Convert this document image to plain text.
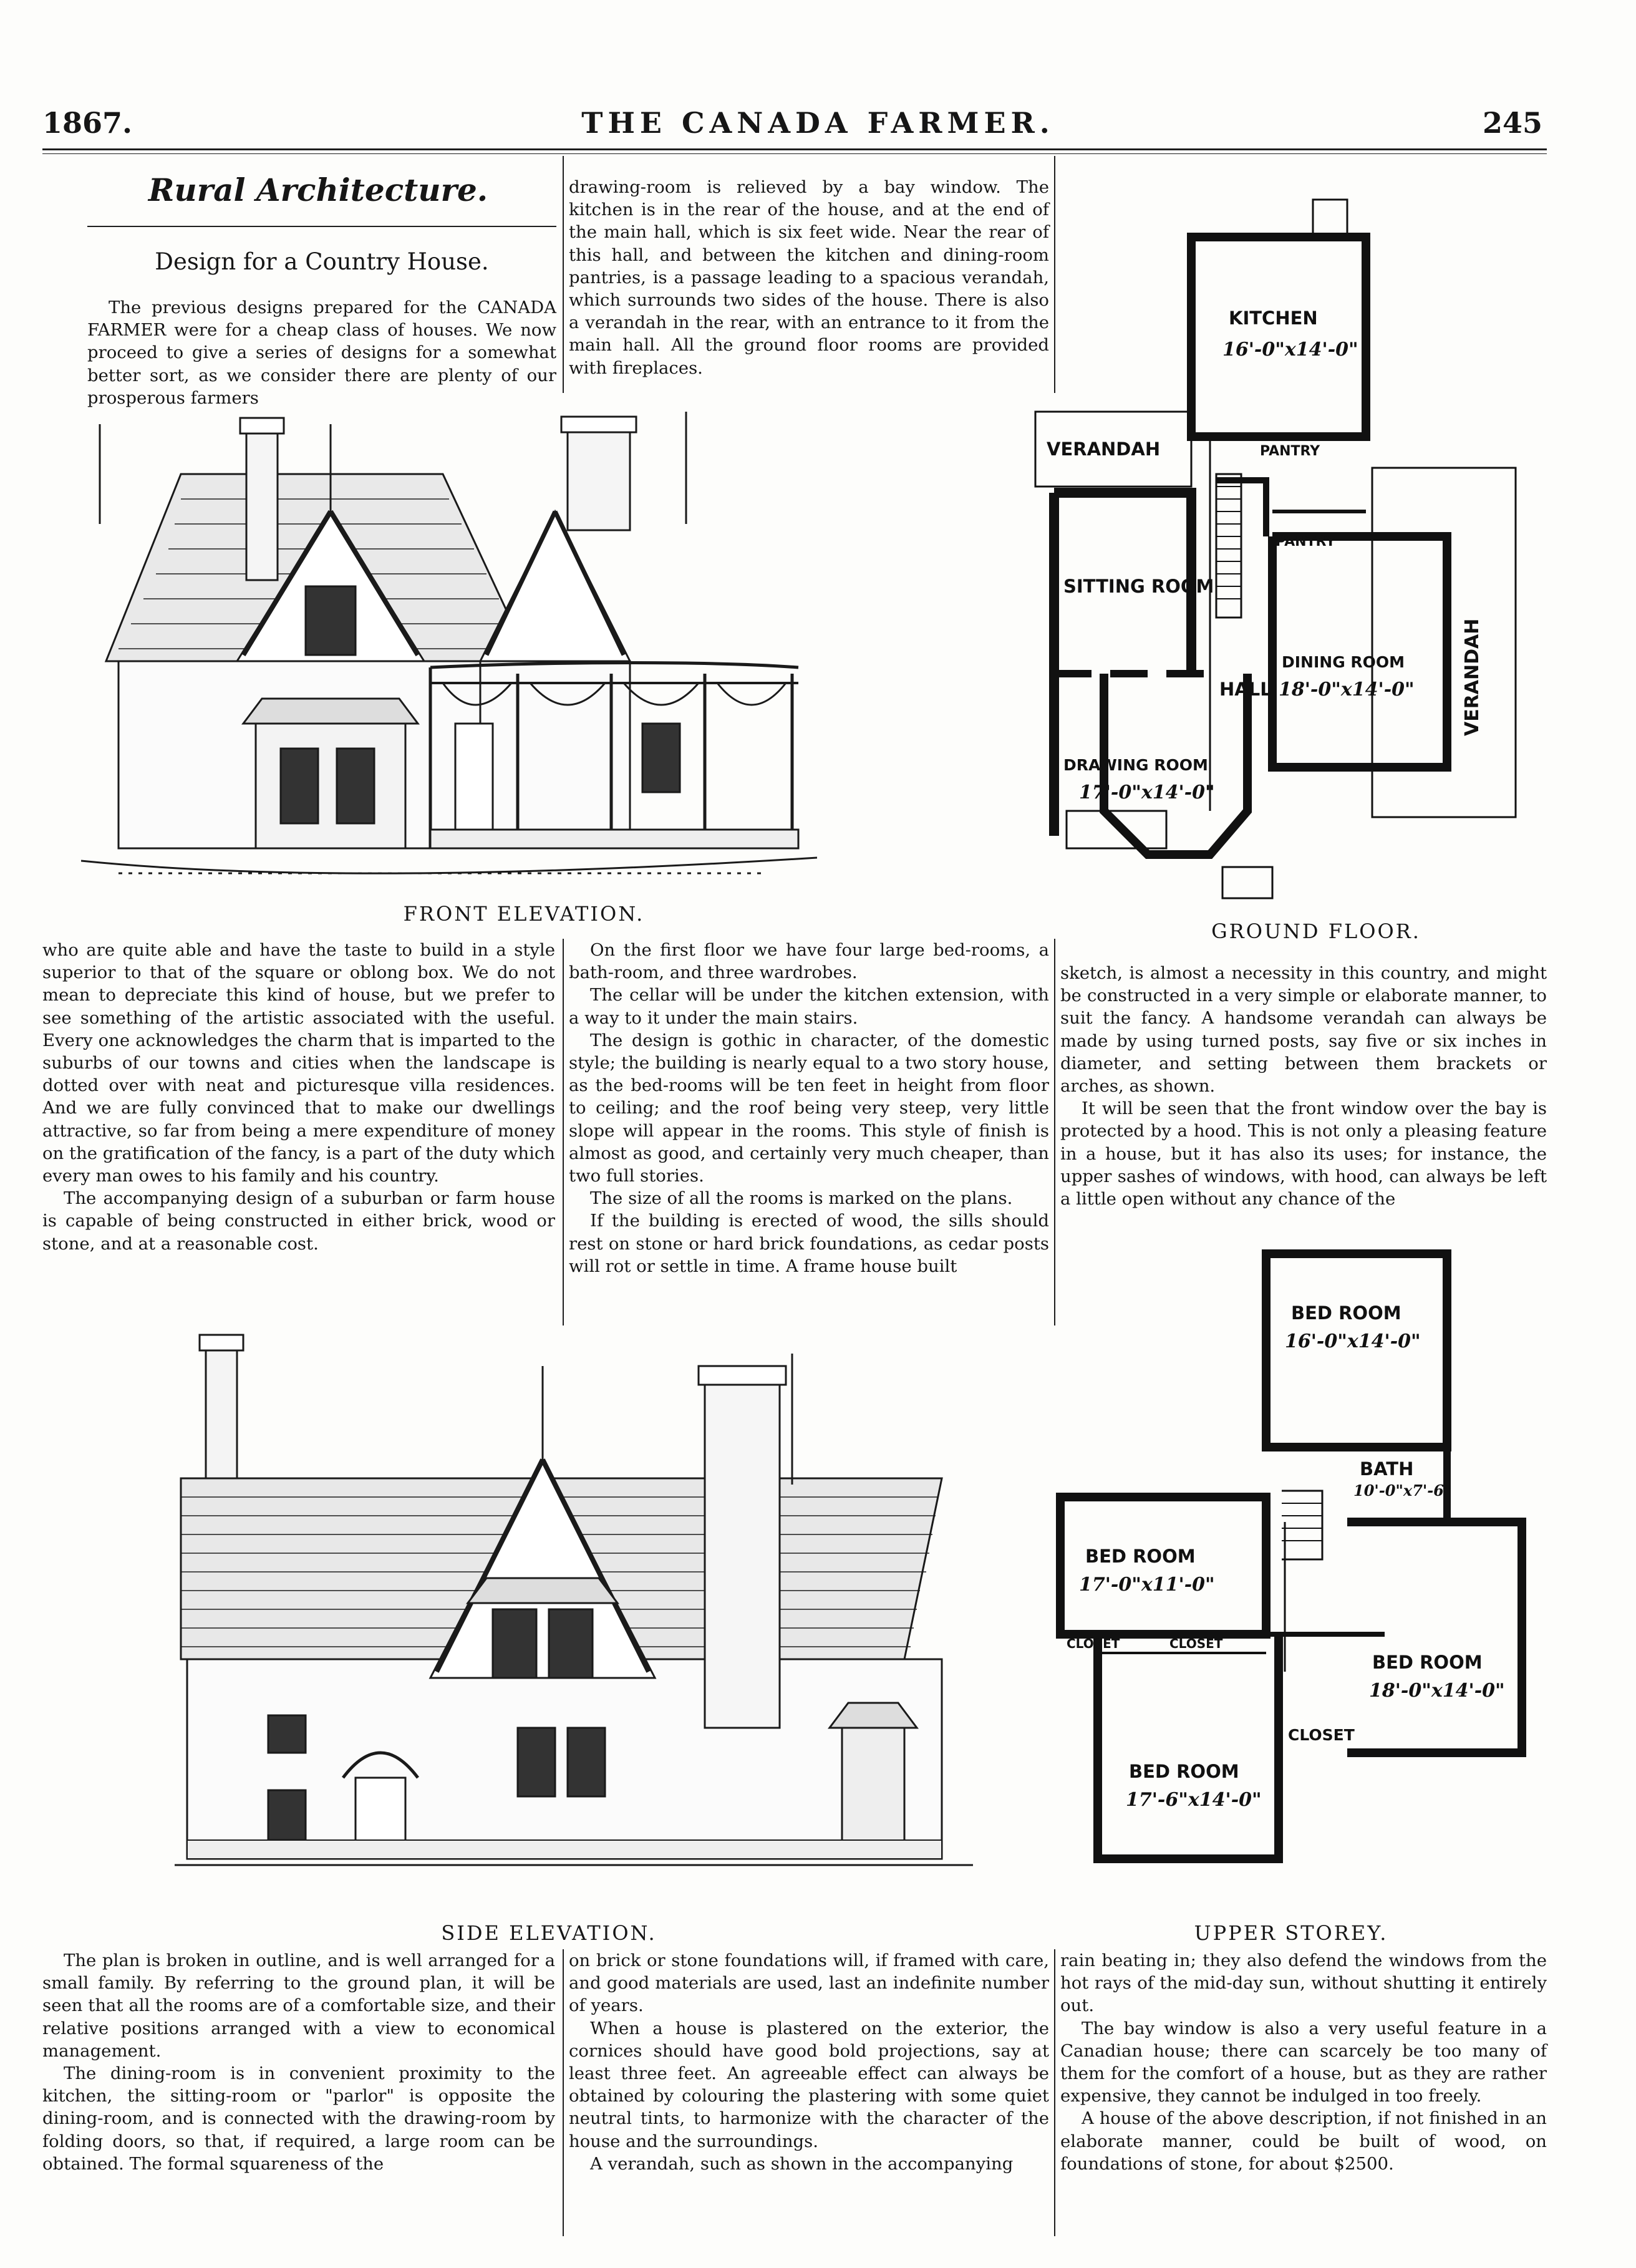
1867.	THE CANADA FARMER.	245
Rural Architecture.
Design for a Country House.

The previous designs prepared for the CANADA FARMER were for a cheap class of houses. We now proceed to give a series of designs for a somewhat better sort, as we consider there are plenty of our prosperous farmers

drawing-room is relieved by a bay window. The kitchen is in the rear of the house, and at the end of the main hall, which is six feet wide. Near the rear of this hall, and between the kitchen and dining-room pantries, is a passage leading to a spacious verandah, which surrounds two sides of the house. There is also a verandah in the rear, with an entrance to it from the main hall. All the ground floor rooms are provided with fireplaces.

KITCHEN
16'-0"x14'-0"
VERANDAH	PANTRY
PANTRY
SITTING ROOM
HALL
DINING ROOM
18'-0"x14'-0"	VERANDAH
DRAWING ROOM
17'-0"x14'-0"
FRONT ELEVATION.
GROUND FLOOR.

who are quite able and have the taste to build in a style superior to that of the square or oblong box. We do not mean to depreciate this kind of house, but we prefer to see something of the artistic associated with the useful. Every one acknowledges the charm that is imparted to the suburbs of our towns and cities when the landscape is dotted over with neat and picturesque villa residences. And we are fully convinced that to make our dwellings attractive, so far from being a mere expenditure of money on the gratification of the fancy, is a part of the duty which every man owes to his family and his country.

The accompanying design of a suburban or farm house is capable of being constructed in either brick, wood or stone, and at a reasonable cost.

On the first floor we have four large bed-rooms, a bath-room, and three wardrobes.

The cellar will be under the kitchen extension, with a way to it under the main stairs.

The design is gothic in character, of the domestic style; the building is nearly equal to a two story house, as the bed-rooms will be ten feet in height from floor to ceiling; and the roof being very steep, very little slope will appear in the rooms. This style of finish is almost as good, and certainly very much cheaper, than two full stories.

The size of all the rooms is marked on the plans.

If the building is erected of wood, the sills should rest on stone or hard brick foundations, as cedar posts will rot or settle in time. A frame house built

sketch, is almost a necessity in this country, and might be constructed in a very simple or elaborate manner, to suit the fancy. A handsome verandah can always be made by using turned posts, say five or six inches in diameter, and setting between them brackets or arches, as shown.

It will be seen that the front window over the bay is protected by a hood. This is not only a pleasing feature in a house, but it has also its uses; for instance, the upper sashes of windows, with hood, can always be left a little open without any chance of the

BED ROOM
16'-0"x14'-0"
BATH
10'-0"x7'-6"
BED ROOM
17'-0"x11'-0"
CLOSET	CLOSET
BED ROOM
18'-0"x14'-0"
CLOSET
BED ROOM
17'-6"x14'-0"
SIDE ELEVATION.	UPPER STOREY.

The plan is broken in outline, and is well arranged for a small family. By referring to the ground plan, it will be seen that all the rooms are of a comfortable size, and their relative positions arranged with a view to economical management.

The dining-room is in convenient proximity to the kitchen, the sitting-room or "parlor" is opposite the dining-room, and is connected with the drawing-room by folding doors, so that, if required, a large room can be obtained. The formal squareness of the

on brick or stone foundations will, if framed with care, and good materials are used, last an indefinite number of years.

When a house is plastered on the exterior, the cornices should have good bold projections, say at least three feet. An agreeable effect can always be obtained by colouring the plastering with some quiet neutral tints, to harmonize with the character of the house and the surroundings.

A verandah, such as shown in the accompanying

rain beating in; they also defend the windows from the hot rays of the mid-day sun, without shutting it entirely out.

The bay window is also a very useful feature in a Canadian house; there can scarcely be too many of them for the comfort of a house, but as they are rather expensive, they cannot be indulged in too freely.

A house of the above description, if not finished in an elaborate manner, could be built of wood, on foundations of stone, for about $2500.
